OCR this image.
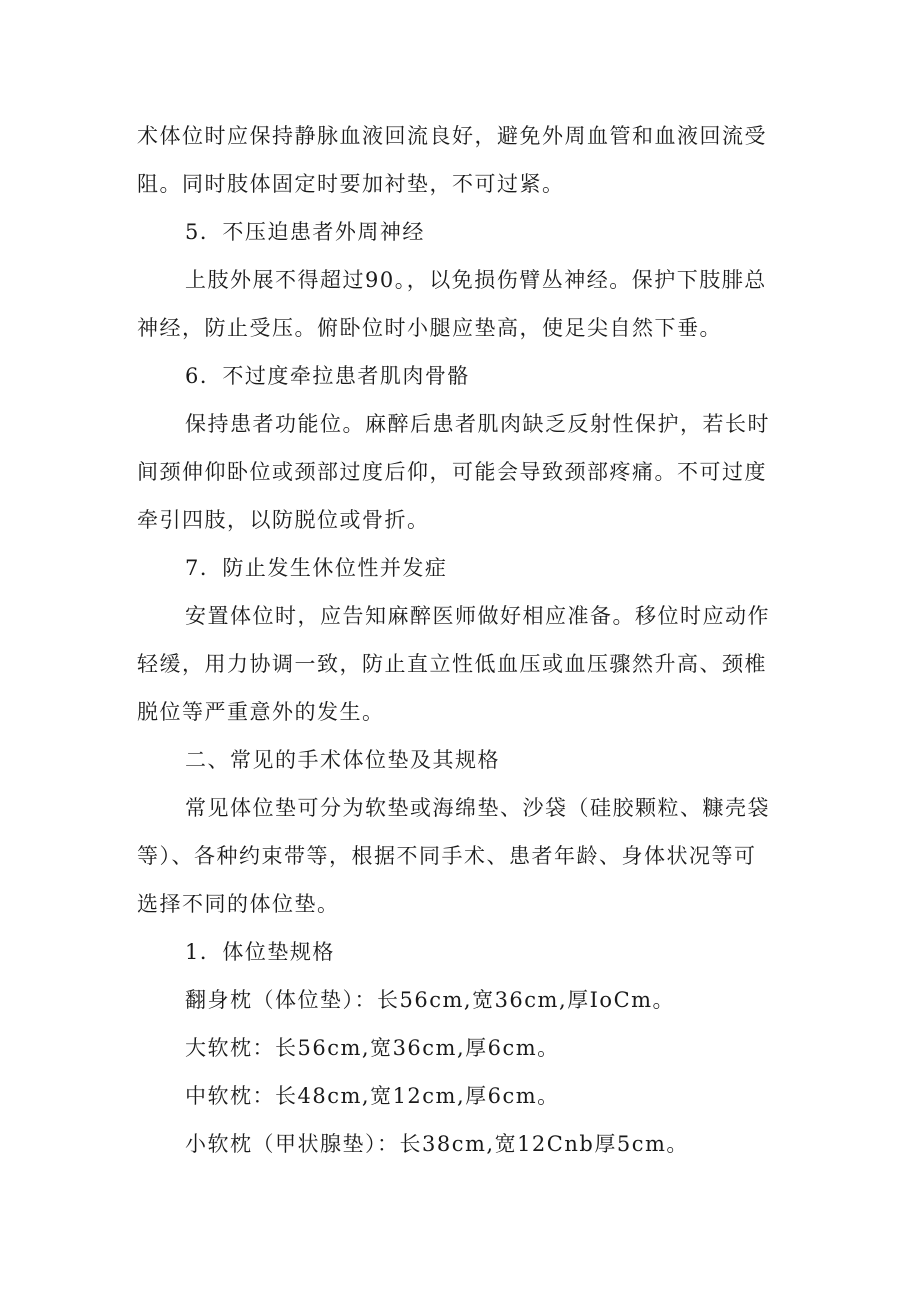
术体位时应保持静脉血液回流良好，避免外周血管和血液回流受
阻。同时肢体固定时要加衬垫，不可过紧。
5．不压迫患者外周神经
上肢外展不得超过90。，以免损伤臂丛神经。保护下肢腓总
神经，防止受压。俯卧位时小腿应垫高，使足尖自然下垂。
6．不过度牵拉患者肌肉骨骼
保持患者功能位。麻醉后患者肌肉缺乏反射性保护，若长时
间颈伸仰卧位或颈部过度后仰，可能会导致颈部疼痛。不可过度
牵引四肢，以防脱位或骨折。
7．防止发生休位性并发症
安置体位时，应告知麻醉医师做好相应准备。移位时应动作
轻缓，用力协调一致，防止直立性低血压或血压骤然升高、颈椎
脱位等严重意外的发生。
二、常见的手术体位垫及其规格
常见体位垫可分为软垫或海绵垫、沙袋（硅胶颗粒、糠壳袋
等）、各种约束带等，根据不同手术、患者年龄、身体状况等可
选择不同的体位垫。
1．体位垫规格
翻身枕（体位垫）：长56cm,宽36cm,厚IoCm。
大软枕：长56cm,宽36cm,厚6cm。
中软枕：长48cm,宽12cm,厚6cm。
小软枕（甲状腺垫）：长38cm,宽12Cnb厚5cm。
